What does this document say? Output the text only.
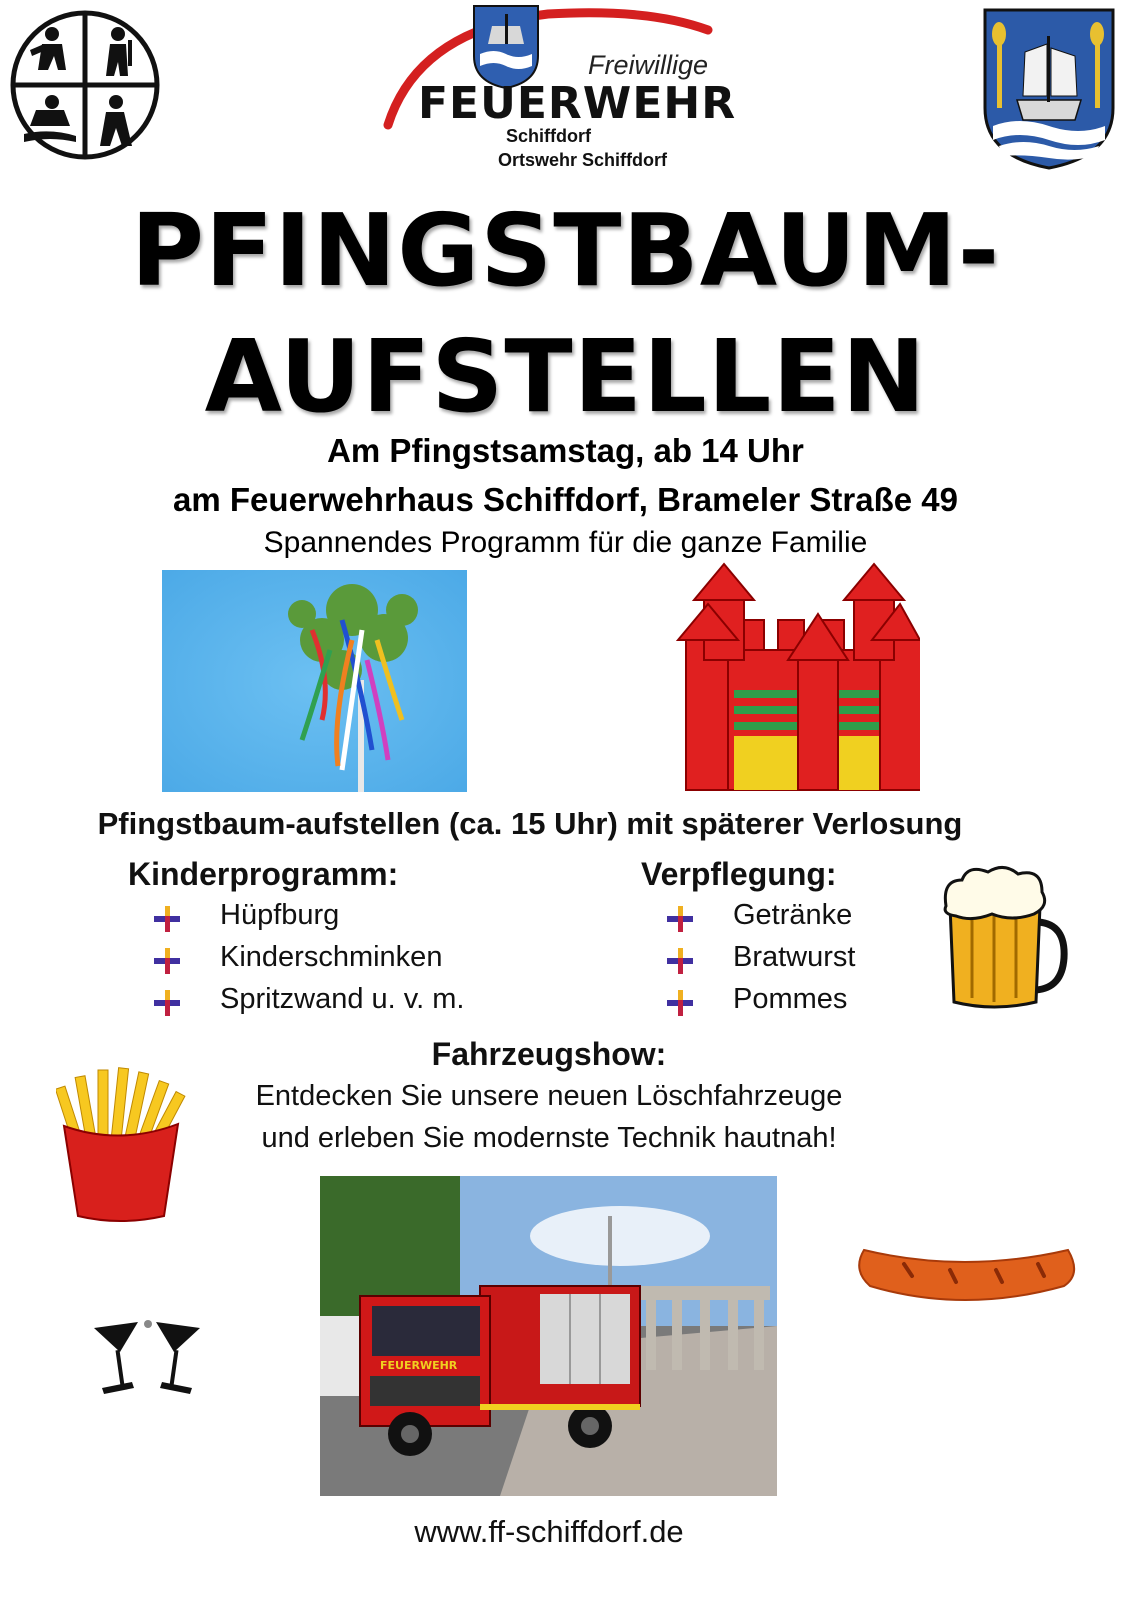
Freiwillige
FEUERWEHR
Schiffdorf
Ortswehr Schiffdorf
PFINGSTBAUM-
AUFSTELLEN
Am Pfingstsamstag, ab 14 Uhr
am Feuerwehrhaus Schiffdorf, Brameler Straße 49
Spannendes Programm für die ganze Familie
Pfingstbaum-aufstellen (ca. 15 Uhr) mit späterer Verlosung
Kinderprogramm:
Hüpfburg
Kinderschminken
Spritzwand u. v. m.
Verpflegung:
Getränke
Bratwurst
Pommes
Fahrzeugshow:
Entdecken Sie unsere neuen Löschfahrzeuge
und erleben Sie modernste Technik hautnah!
FEUERWEHR
www.ff-schiffdorf.de
